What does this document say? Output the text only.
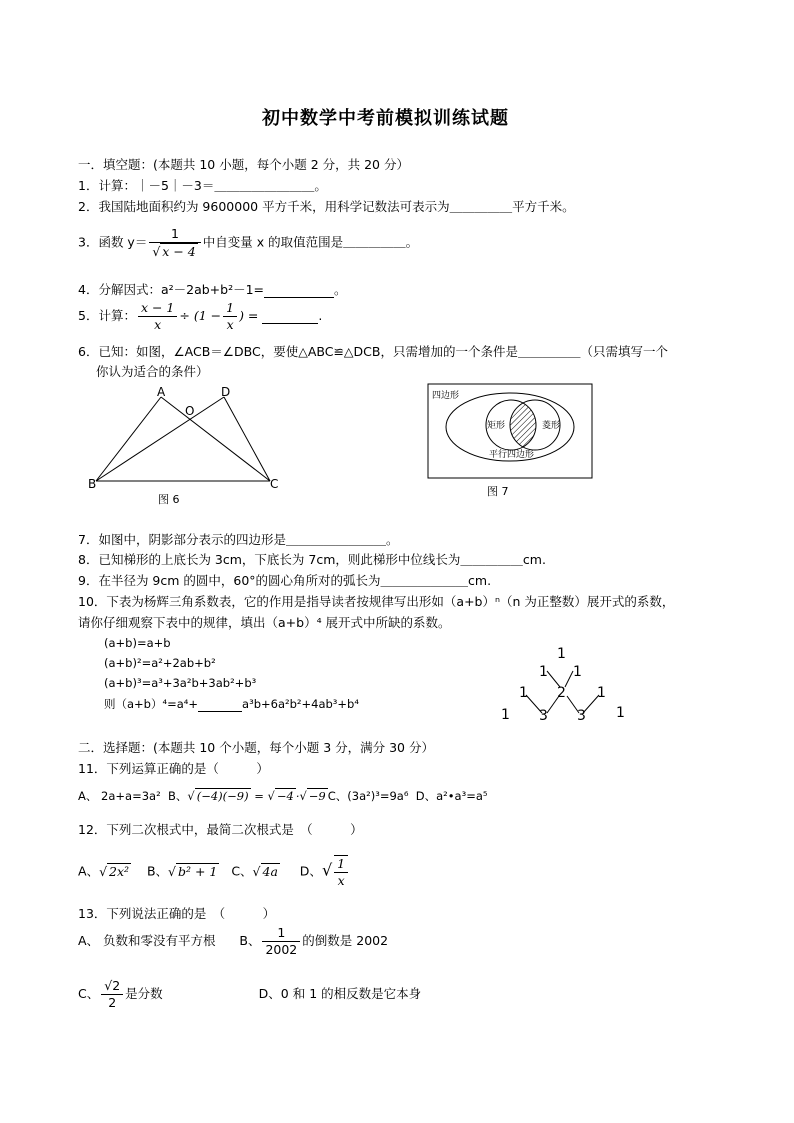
初中数学中考前模拟训练试题
一．填空题：(本题共 10 小题，每个小题 2 分，共 20 分）
1．计算：｜－5｜－3＝＿＿＿＿＿＿＿＿。
2．我国陆地面积约为 9600000 平方千米，用科学记数法可表示为＿＿＿＿＿平方千米。
3．函数 $y= \frac{1}{√ x - 4}$ 中自变量 x 的取值范围是＿＿＿＿＿。
4．分解因式：a²－2ab+b²－1=	。
5．计算： $\frac{x - 1}{x} \div (1 - \frac{1}{x}$ ) =	.
6．已知：如图，∠ACB＝∠DBC，要使△ABC≌△DCB，只需增加的一个条件是＿＿＿＿＿（只需填写一个
你认为适合的条件）
A	D
O
B	C
图 6
四边形
矩形	菱形
平行四边形
图 7
7．如图中，阴影部分表示的四边形是＿＿＿＿＿＿＿＿。
8．已知梯形的上底长为 3cm，下底长为 7cm，则此梯形中位线长为＿＿＿＿＿cm.
9．在半径为 9cm 的圆中，60°的圆心角所对的弧长为＿＿＿＿＿＿＿cm.
10．下表为杨辉三角系数表，它的作用是指导读者按规律写出形如（a+b）ⁿ（n 为正整数）展开式的系数，
请你仔细观察下表中的规律，填出（a+b）⁴ 展开式中所缺的系数。
(a+b)=a+b
(a+b)²=a²+2ab+b²
(a+b)³=a³+3a²b+3ab²+b³
则（a+b）⁴=a⁴+	a³b+6a²b²+4ab³+b⁴
1
1 1
1 2 1
1 3 3 1
二．选择题：(本题共 10 个小题，每个小题 3 分，满分 30 分）
11．下列运算正确的是（　　　）
A、 2a+a=3a² B、√ (−4)(−9) = √ −4 ·√ −9 C、(3a²)³=9a⁶ D、a²•a³=a⁵
12．下列二次根式中，最简二次根式是　（　　　）
A、√ 2x² B、√ b² + 1 C、√ 4a D、√ $\frac{1}{x}$
13．下列说法正确的是　（　　　）
A、 负数和零没有平方根 B、 $\frac{1}{2002}$ 的倒数是 2002
C、 $\frac{√2}{2}$ 是分数	D、0 和 1 的相反数是它本身
